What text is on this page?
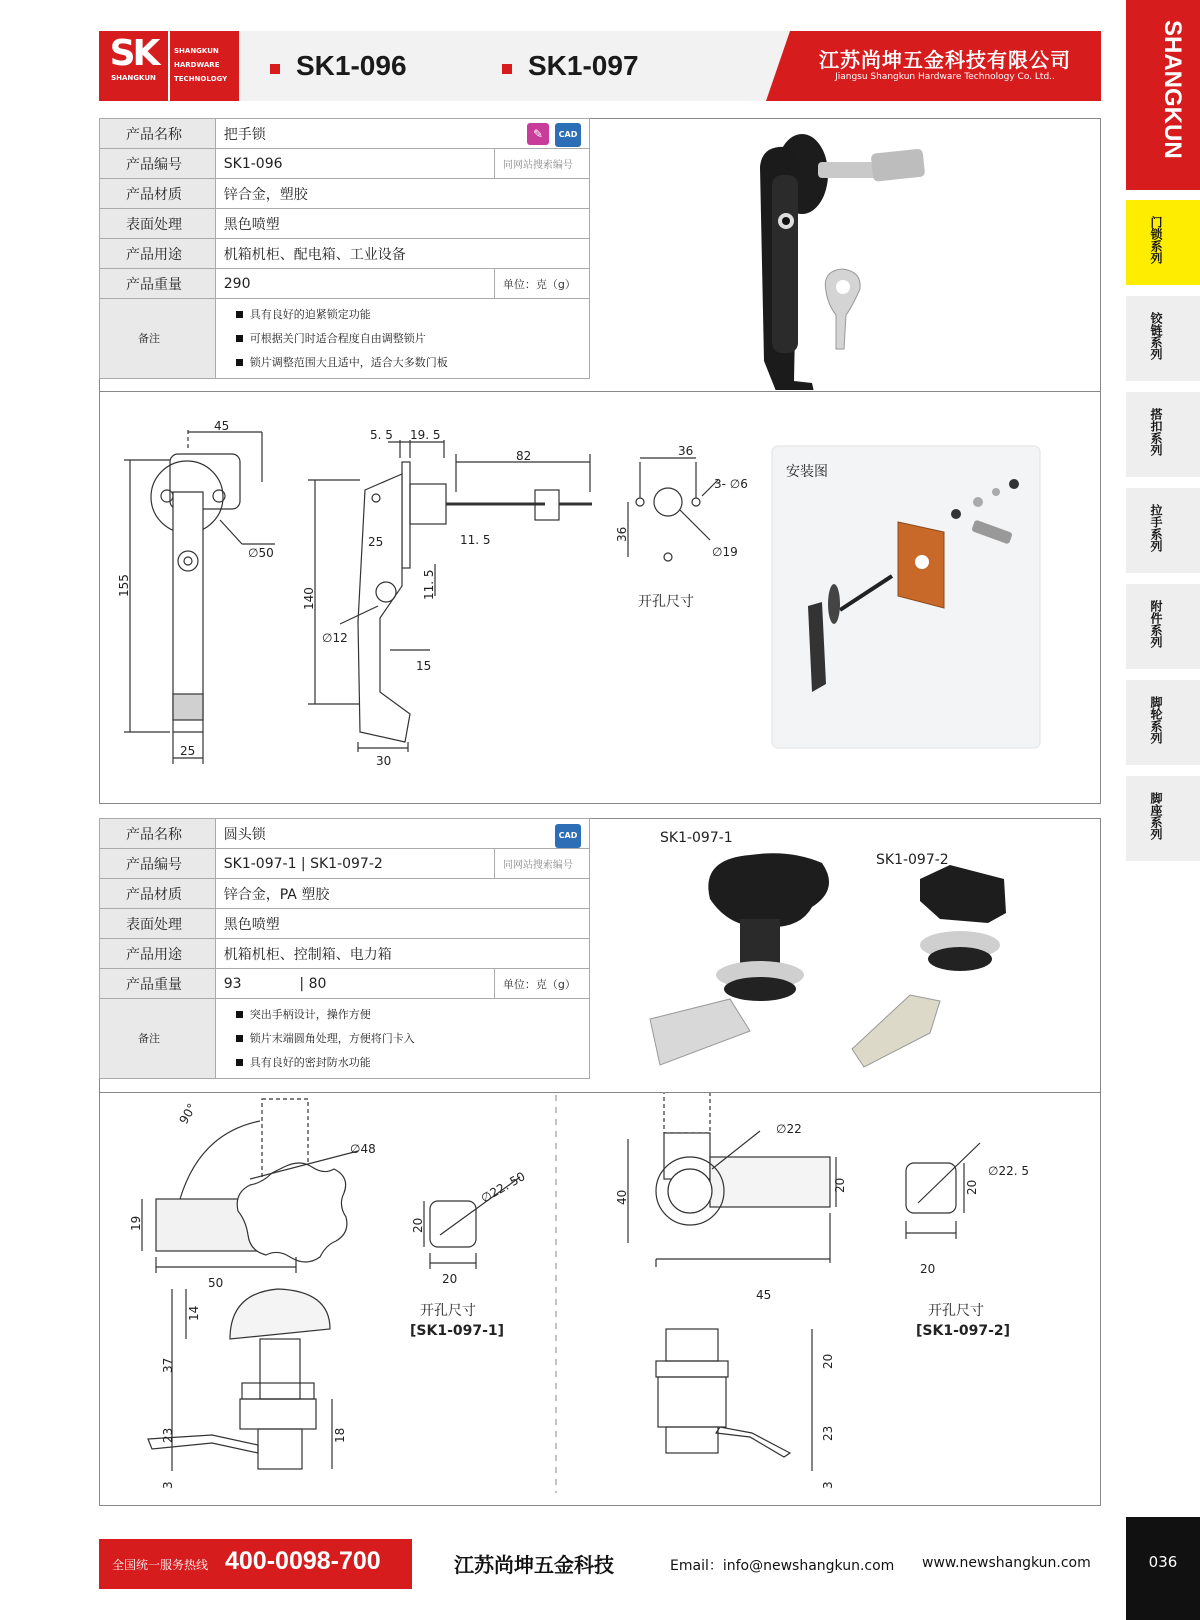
SK
SHANGKUN
SHANGKUN
HARDWARE
TECHNOLOGY	SK1-096	SK1-097	江苏尚坤五金科技有限公司
Jiangsu Shangkun Hardware Technology Co. Ltd..	SHANGKUN
门锁系列
铰链系列
搭扣系列
拉手系列
附件系列
脚轮系列
脚座系列
产品名称	把手锁	
产品编号	SK1-096	同网站搜索编号
产品材质	锌合金，塑胶	
表面处理	黑色喷塑	
产品用途	机箱机柜、配电箱、工业设备	
产品重量	290	单位：克（g）
备注	具有良好的迫紧锁定功能
可根据关门时适合程度自由调整锁片
锁片调整范围大且适中，适合大多数门板	
✎	CAD
45
∅50
155
25
5. 5 19. 5
82
25	11. 5
11. 5
140
∅12
15
30
36
36
3- ∅6
∅19
开孔尺寸
安装图
产品名称	圆头锁	
产品编号	SK1-097-1 | SK1-097-2	同网站搜索编号
产品材质	锌合金，PA 塑胶	
表面处理	黑色喷塑	
产品用途	机箱机柜、控制箱、电力箱	
产品重量	93             | 80	单位：克（g）
备注	突出手柄设计，操作方便
锁片末端圆角处理，方便将门卡入
具有良好的密封防水功能	
CAD	SK1-097-1
SK1-097-2
90°
∅48
19
50
14
37
23	18
3
∅22. 50
20
20
开孔尺寸
[SK1-097-1]
∅22
40
20
45
20
23
3
∅22. 5
20
20
开孔尺寸
[SK1-097-2]
全国统一服务热线 400-0098-700	江苏尚坤五金科技	Email：info@newshangkun.com www.newshangkun.com	036
